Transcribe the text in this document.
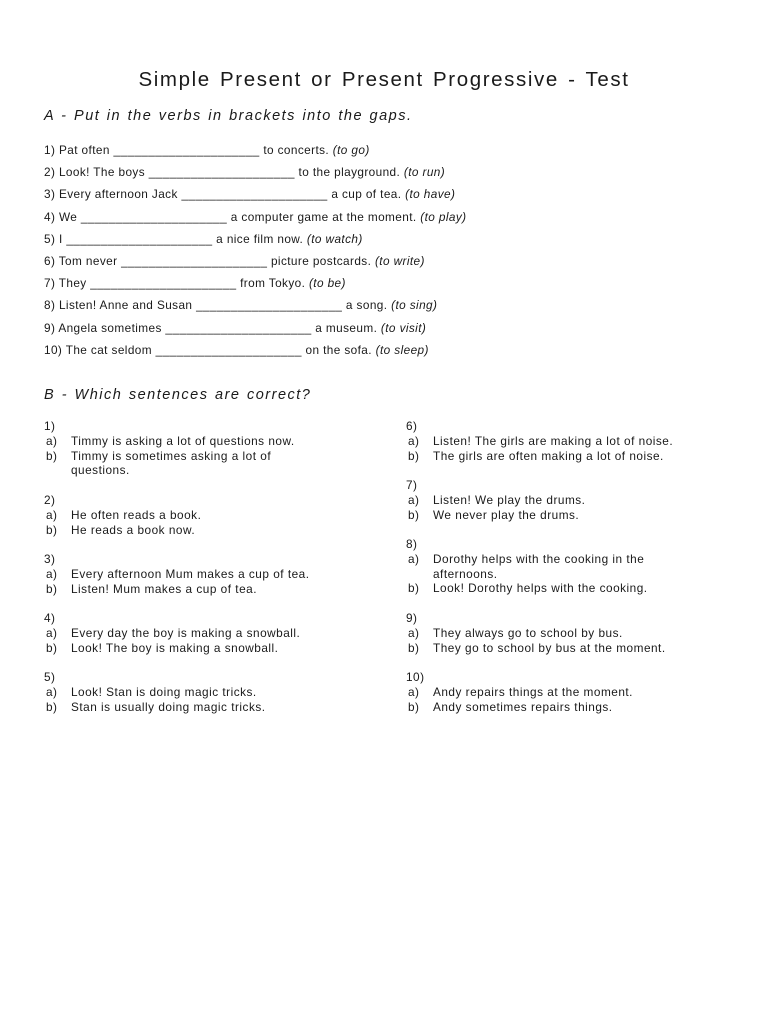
Simple Present or Present Progressive - Test
A - Put in the verbs in brackets into the gaps.
1) Pat often _____________________ to concerts. (to go)
2) Look! The boys _____________________ to the playground. (to run)
3) Every afternoon Jack _____________________ a cup of tea. (to have)
4) We _____________________ a computer game at the moment. (to play)
5) I _____________________ a nice film now. (to watch)
6) Tom never _____________________ picture postcards. (to write)
7) They _____________________ from Tokyo. (to be)
8) Listen! Anne and Susan _____________________ a song. (to sing)
9) Angela sometimes _____________________ a museum. (to visit)
10) The cat seldom _____________________ on the sofa. (to sleep)
B - Which sentences are correct?
1)
a)	Timmy is asking a lot of questions now.
b)	Timmy is sometimes asking a lot of questions.
2)
a)	He often reads a book.
b)	He reads a book now.
3)
a)	Every afternoon Mum makes a cup of tea.
b)	Listen! Mum makes a cup of tea.
4)
a)	Every day the boy is making a snowball.
b)	Look! The boy is making a snowball.
5)
a)	Look! Stan is doing magic tricks.
b)	Stan is usually doing magic tricks.
6)
a)	Listen! The girls are making a lot of noise.
b)	The girls are often making a lot of noise.
7)
a)	Listen! We play the drums.
b)	We never play the drums.
8)
a)	Dorothy helps with the cooking in the afternoons.
b)	Look! Dorothy helps with the cooking.
9)
a)	They always go to school by bus.
b)	They go to school by bus at the moment.
10)
a)	Andy repairs things at the moment.
b)	Andy sometimes repairs things.
